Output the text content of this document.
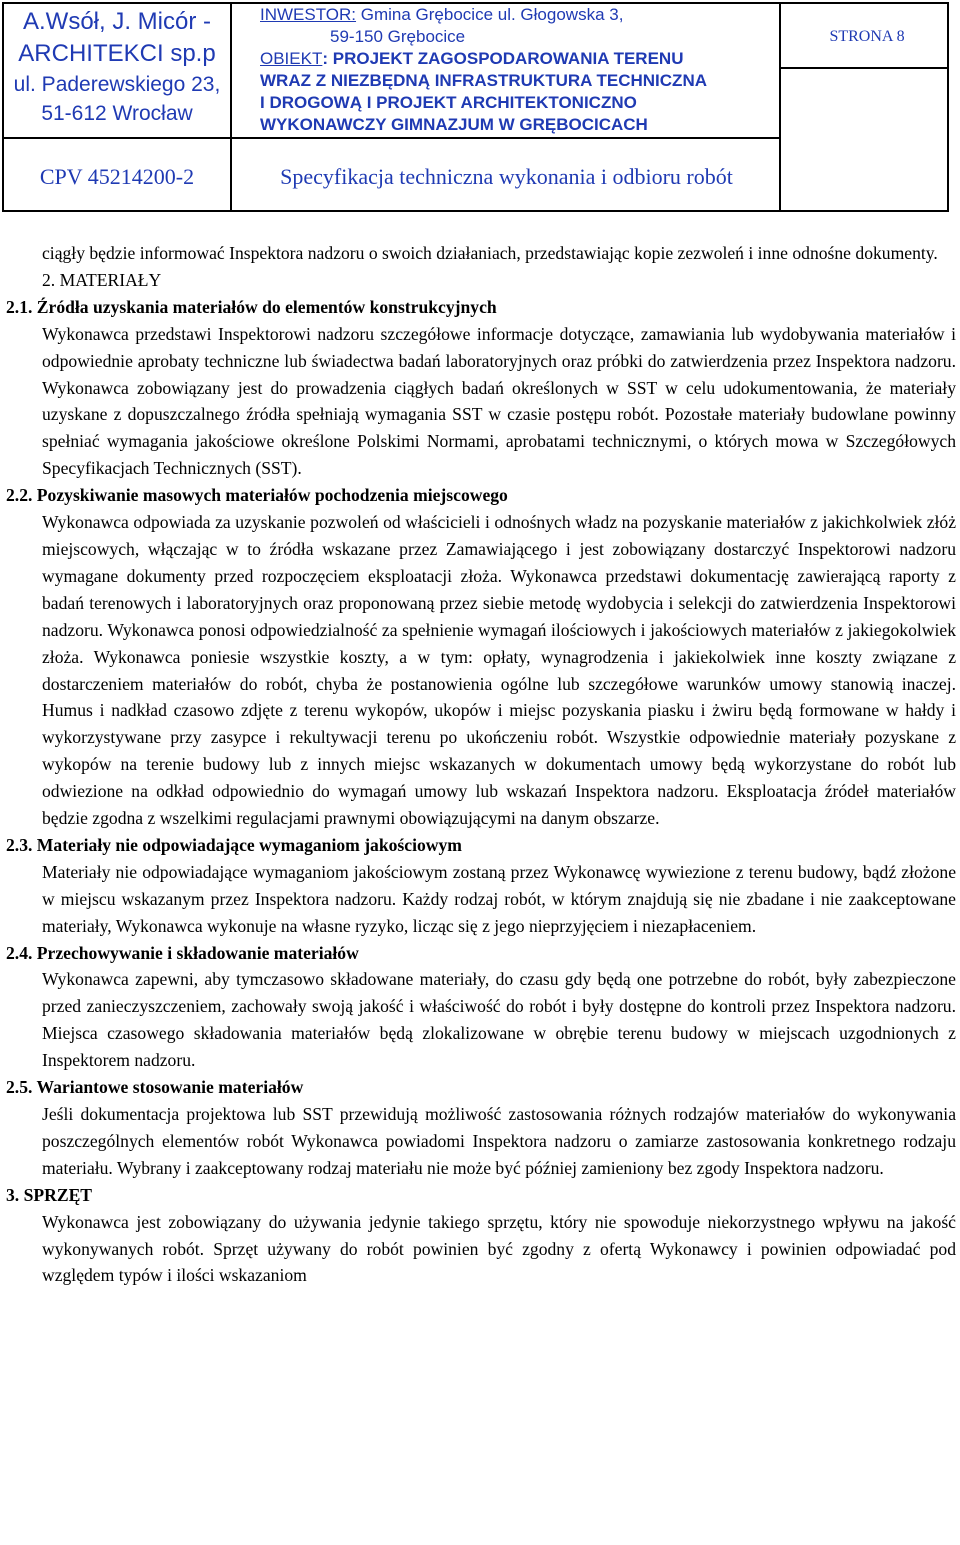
A.Wsół, J. Micór -
ARCHITEKCI sp.p
ul. Paderewskiego 23,
51-612 Wrocław
INWESTOR: Gmina Grębocice ul. Głogowska 3,
59-150 Grębocice
OBIEKT: PROJEKT ZAGOSPODAROWANIA TERENU
WRAZ Z NIEZBĘDNĄ INFRASTRUKTURA TECHNICZNA
I DROGOWĄ I PROJEKT ARCHITEKTONICZNO
WYKONAWCZY GIMNAZJUM W GRĘBOCICACH
STRONA 8
CPV 45214200-2	Specyfikacja techniczna wykonania i odbioru robót

ciągły będzie informować Inspektora nadzoru o swoich działaniach, przedstawiając kopie zezwoleń i inne odnośne dokumenty.

2. MATERIAŁY

2.1. Źródła uzyskania materiałów do elementów konstrukcyjnych

Wykonawca przedstawi Inspektorowi nadzoru szczegółowe informacje dotyczące, zamawiania lub wydobywania materiałów i odpowiednie aprobaty techniczne lub świadectwa badań laboratoryjnych oraz próbki do zatwierdzenia przez Inspektora nadzoru. Wykonawca zobowiązany jest do prowadzenia ciągłych badań określonych w SST w celu udokumentowania, że materiały uzyskane z dopuszczalnego źródła spełniają wymagania SST w czasie postępu robót. Pozostałe materiały budowlane powinny spełniać wymagania jakościowe określone Polskimi Normami, aprobatami technicznymi, o których mowa w Szczegółowych Specyfikacjach Technicznych (SST).

2.2. Pozyskiwanie masowych materiałów pochodzenia miejscowego

Wykonawca odpowiada za uzyskanie pozwoleń od właścicieli i odnośnych władz na pozyskanie materiałów z jakichkolwiek złóż miejscowych, włączając w to źródła wskazane przez Zamawiającego i jest zobowiązany dostarczyć Inspektorowi nadzoru wymagane dokumenty przed rozpoczęciem eksploatacji złoża. Wykonawca przedstawi dokumentację zawierającą raporty z badań terenowych i laboratoryjnych oraz proponowaną przez siebie metodę wydobycia i selekcji do zatwierdzenia Inspektorowi nadzoru. Wykonawca ponosi odpowiedzialność za spełnienie wymagań ilościowych i jakościowych materiałów z jakiegokolwiek złoża. Wykonawca poniesie wszystkie koszty, a w tym: opłaty, wynagrodzenia i jakiekolwiek inne koszty związane z dostarczeniem materiałów do robót, chyba że postanowienia ogólne lub szczegółowe warunków umowy stanowią inaczej. Humus i nadkład czasowo zdjęte z terenu wykopów, ukopów i miejsc pozyskania piasku i żwiru będą formowane w hałdy i wykorzystywane przy zasypce i rekultywacji terenu po ukończeniu robót. Wszystkie odpowiednie materiały pozyskane z wykopów na terenie budowy lub z innych miejsc wskazanych w dokumentach umowy będą wykorzystane do robót lub odwiezione na odkład odpowiednio do wymagań umowy lub wskazań Inspektora nadzoru. Eksploatacja źródeł materiałów będzie zgodna z wszelkimi regulacjami prawnymi obowiązującymi na danym obszarze.

2.3. Materiały nie odpowiadające wymaganiom jakościowym

Materiały nie odpowiadające wymaganiom jakościowym zostaną przez Wykonawcę wywiezione z terenu budowy, bądź złożone w miejscu wskazanym przez Inspektora nadzoru. Każdy rodzaj robót, w którym znajdują się nie zbadane i nie zaakceptowane materiały, Wykonawca wykonuje na własne ryzyko, licząc się z jego nieprzyjęciem i niezapłaceniem.

2.4. Przechowywanie i składowanie materiałów

Wykonawca zapewni, aby tymczasowo składowane materiały, do czasu gdy będą one potrzebne do robót, były zabezpieczone przed zanieczyszczeniem, zachowały swoją jakość i właściwość do robót i były dostępne do kontroli przez Inspektora nadzoru. Miejsca czasowego składowania materiałów będą zlokalizowane w obrębie terenu budowy w miejscach uzgodnionych z Inspektorem nadzoru.

2.5. Wariantowe stosowanie materiałów

Jeśli dokumentacja projektowa lub SST przewidują możliwość zastosowania różnych rodzajów materiałów do wykonywania poszczególnych elementów robót Wykonawca powiadomi Inspektora nadzoru o zamiarze zastosowania konkretnego rodzaju materiału. Wybrany i zaakceptowany rodzaj materiału nie może być później zamieniony bez zgody Inspektora nadzoru.

3. SPRZĘT

Wykonawca jest zobowiązany do używania jedynie takiego sprzętu, który nie spowoduje niekorzystnego wpływu na jakość wykonywanych robót. Sprzęt używany do robót powinien być zgodny z ofertą Wykonawcy i powinien odpowiadać pod względem typów i ilości wskazaniom
